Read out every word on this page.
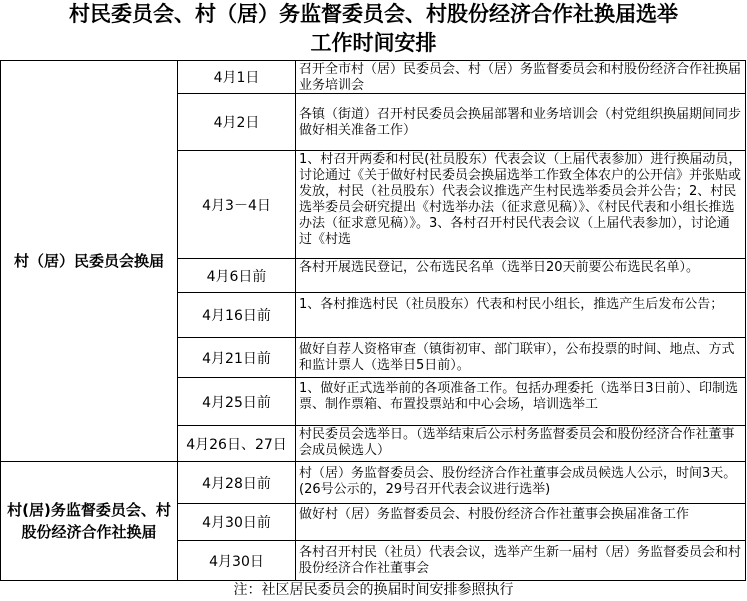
村民委员会、村（居）务监督委员会、村股份经济合作社换届选举
工作时间安排
村（居）民委员会换届
村(居)务监督委员会、村股份经济合作社换届
4月1日
召开全市村（居）民委员会、村（居）务监督委员会和村股份经济合作社换届业务培训会
4月2日
各镇（街道）召开村民委员会换届部署和业务培训会（村党组织换届期间同步做好相关准备工作）
4月3－4日
1、村召开两委和村民(社员股东）代表会议（上届代表参加）进行换届动员，讨论通过《关于做好村民委员会换届选举工作致全体农户的公开信》并张贴或发放，村民（社员股东）代表会议推选产生村民选举委员会并公告；2、村民选举委员会研究提出《村选举办法（征求意见稿）》、《村民代表和小组长推选办法（征求意见稿）》。3、各村召开村民代表会议（上届代表参加），讨论通过《村选
4月6日前
各村开展选民登记，公布选民名单（选举日20天前要公布选民名单）。
4月16日前
1、各村推选村民（社员股东）代表和村民小组长，推选产生后发布公告；
4月21日前
做好自荐人资格审查（镇街初审、部门联审），公布投票的时间、地点、方式和监计票人（选举日5日前）。
4月25日前
1、做好正式选举前的各项准备工作。包括办理委托（选举日3日前）、印制选票、制作票箱、布置投票站和中心会场，培训选举工
4月26日、27日
村民委员会选举日。（选举结束后公示村务监督委员会和股份经济合作社董事会成员候选人）
4月28日前
村（居）务监督委员会、股份经济合作社董事会成员候选人公示，时间3天。(26号公示的，29号召开代表会议进行选举)
4月30日前
做好村（居）务监督委员会、村股份经济合作社董事会换届准备工作
4月30日
各村召开村民（社员）代表会议，选举产生新一届村（居）务监督委员会和村股份经济合作社董事会
注：社区居民委员会的换届时间安排参照执行
